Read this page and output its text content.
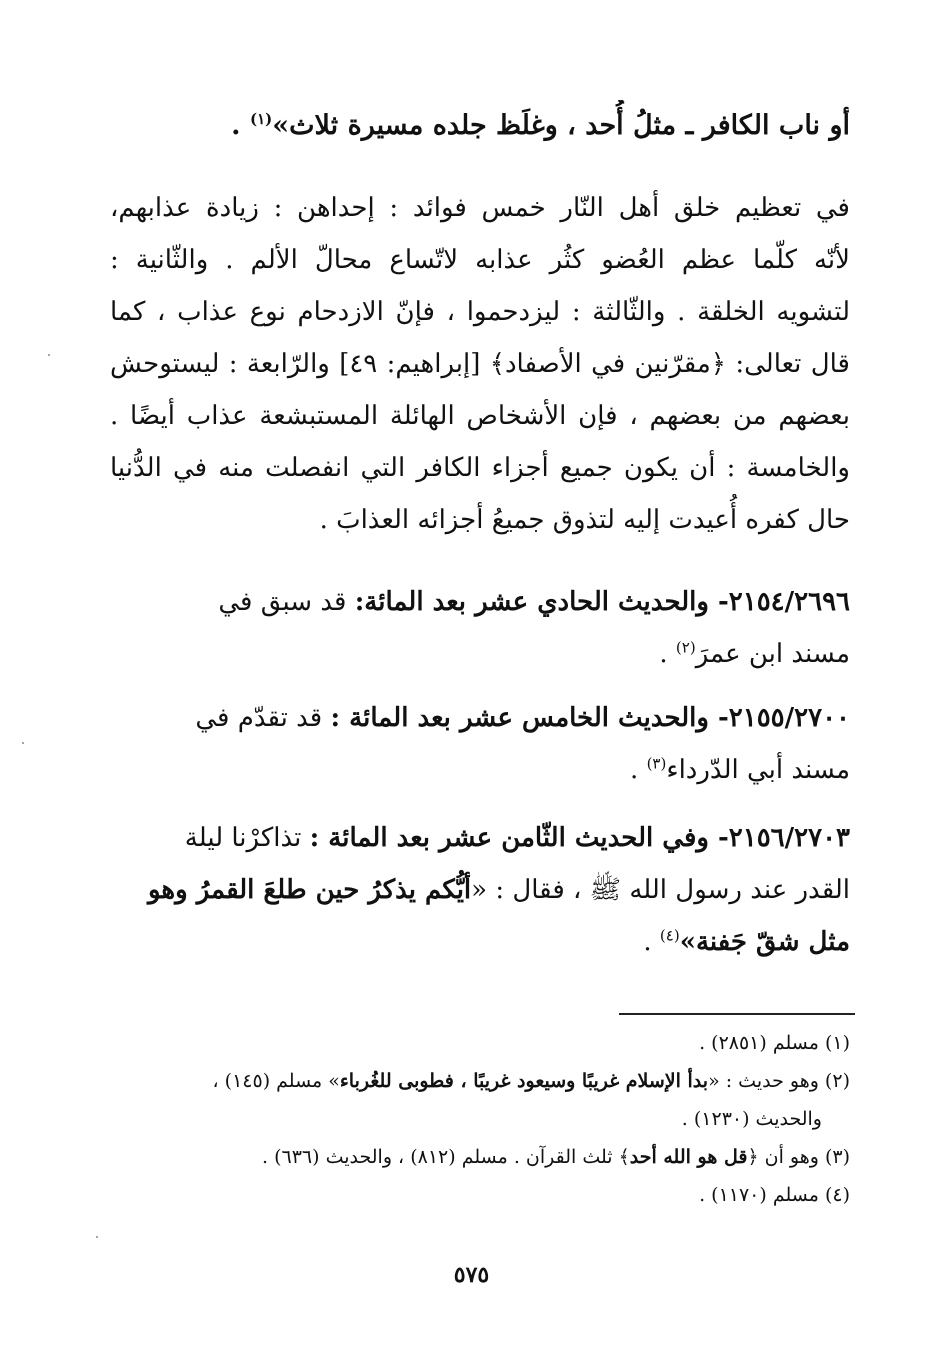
أو ناب الكافر ـ مثلُ أُحد ، وغلَظ جلده مسيرة ثلاث»$^{(١)}$ .
في تعظيم خلق أهل النّار خمس فوائد : إحداهن : زيادة عذابهم،
لأنّه كلّما عظم العُضو كثُر عذابه لاتّساع محالّ الألم . والثّانية :
لتشويه الخلقة . والثّالثة : ليزدحموا ، فإنّ الازدحام نوع عذاب ، كما
قال تعالى: ﴿مقرّنين في الأصفاد﴾ [إبراهيم: ٤٩] والرّابعة : ليستوحش
بعضهم من بعضهم ، فإن الأشخاص الهائلة المستبشعة عذاب أيضًا .
والخامسة : أن يكون جميع أجزاء الكافر التي انفصلت منه في الدُّنيا
حال كفره أُعيدت إليه لتذوق جميعُ أجزائه العذابَ .
٢١٥٤/٢٦٩٦- والحديث الحادي عشر بعد المائة: قد سبق في
مسند ابن عمرَ$^{(٢)}$ .
٢١٥٥/٢٧٠٠- والحديث الخامس عشر بعد المائة : قد تقدّم في
مسند أبي الدّرداء$^{(٣)}$ .
٢١٥٦/٢٧٠٣- وفي الحديث الثّامن عشر بعد المائة : تذاكرْنا ليلة
القدر عند رسول الله ﷺ ، فقال : «أيُّكم يذكرُ حين طلعَ القمرُ وهو
مثل شقّ جَفنة»$^{(٤)}$ .
(١) مسلم (٢٨٥١) .
(٢) وهو حديث : «بدأ الإسلام غريبًا وسيعود غريبًا ، فطوبى للغُرباء» مسلم (١٤٥) ،
والحديث (١٢٣٠) .
(٣) وهو أن ﴿قل هو الله أحد﴾ ثلث القرآن . مسلم (٨١٢) ، والحديث (٦٣٦) .
(٤) مسلم (١١٧٠) .
٥٧٥
